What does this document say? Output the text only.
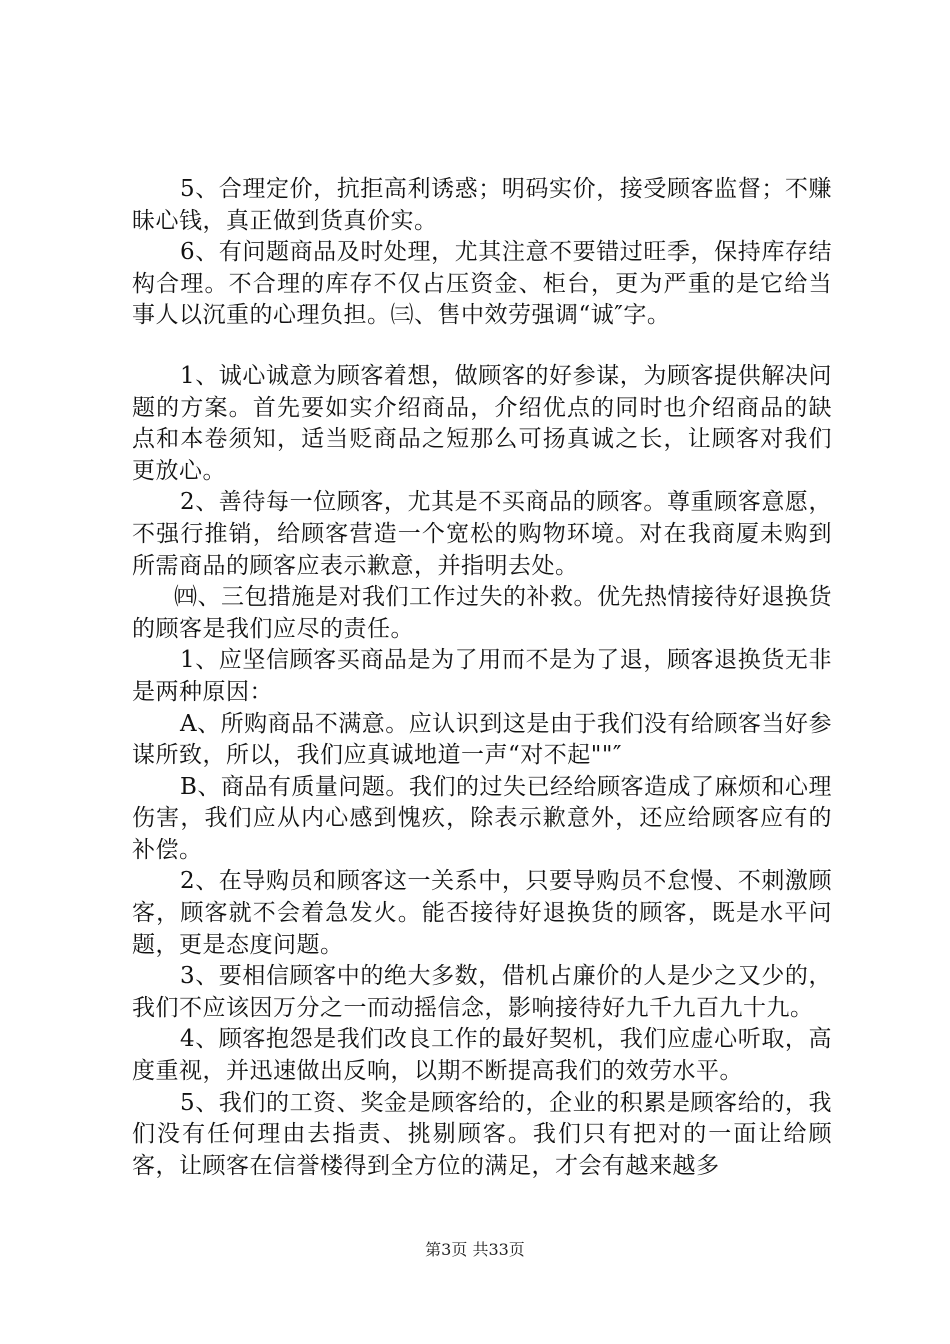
5、合理定价，抗拒高利诱惑；明码实价，接受顾客监督；不赚昧心钱，真正做到货真价实。

6、有问题商品及时处理，尤其注意不要错过旺季，保持库存结构合理。不合理的库存不仅占压资金、柜台，更为严重的是它给当事人以沉重的心理负担。㈢、售中效劳强调“诚″字。

1、诚心诚意为顾客着想，做顾客的好参谋，为顾客提供解决问题的方案。首先要如实介绍商品，介绍优点的同时也介绍商品的缺点和本卷须知，适当贬商品之短那么可扬真诚之长，让顾客对我们更放心。

2、善待每一位顾客，尤其是不买商品的顾客。尊重顾客意愿，不强行推销，给顾客营造一个宽松的购物环境。对在我商厦未购到所需商品的顾客应表示歉意，并指明去处。

㈣、三包措施是对我们工作过失的补救。优先热情接待好退换货的顾客是我们应尽的责任。

1、应坚信顾客买商品是为了用而不是为了退，顾客退换货无非是两种原因：

A、所购商品不满意。应认识到这是由于我们没有给顾客当好参谋所致，所以，我们应真诚地道一声“对不起""″

B、商品有质量问题。我们的过失已经给顾客造成了麻烦和心理伤害，我们应从内心感到愧疚，除表示歉意外，还应给顾客应有的补偿。

2、在导购员和顾客这一关系中，只要导购员不怠慢、不刺激顾客，顾客就不会着急发火。能否接待好退换货的顾客，既是水平问题，更是态度问题。

3、要相信顾客中的绝大多数，借机占廉价的人是少之又少的，我们不应该因万分之一而动摇信念，影响接待好九千九百九十九。

4、顾客抱怨是我们改良工作的最好契机，我们应虚心听取，高度重视，并迅速做出反响，以期不断提高我们的效劳水平。

5、我们的工资、奖金是顾客给的，企业的积累是顾客给的，我们没有任何理由去指责、挑剔顾客。我们只有把对的一面让给顾客，让顾客在信誉楼得到全方位的满足，才会有越来越多

第3页 共33页
